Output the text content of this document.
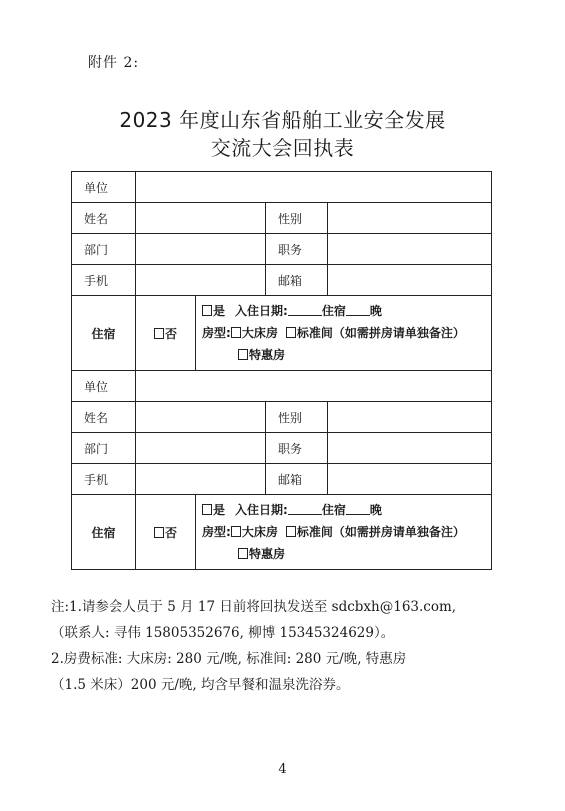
附件 2:
2023 年度山东省船舶工业安全发展
交流大会回执表
单位				
姓名			性别	
部门			职务	
手机			邮箱	
住宿	否	是 入住日期: 住宿 晚
房型: 大床房 标准间（如需拼房请单独备注）
特惠房		

单位				
姓名			性别	
部门			职务	
手机			邮箱	
住宿	否	是 入住日期: 住宿 晚
房型: 大床房 标准间（如需拼房请单独备注）
特惠房		
注:1.请参会人员于 5 月 17 日前将回执发送至 sdcbxh@163.com,
（联系人: 寻伟 15805352676, 柳博 15345324629）。
2.房费标准: 大床房: 280 元/晚, 标准间: 280 元/晚, 特惠房
（1.5 米床）200 元/晚, 均含早餐和温泉洗浴券。
4
